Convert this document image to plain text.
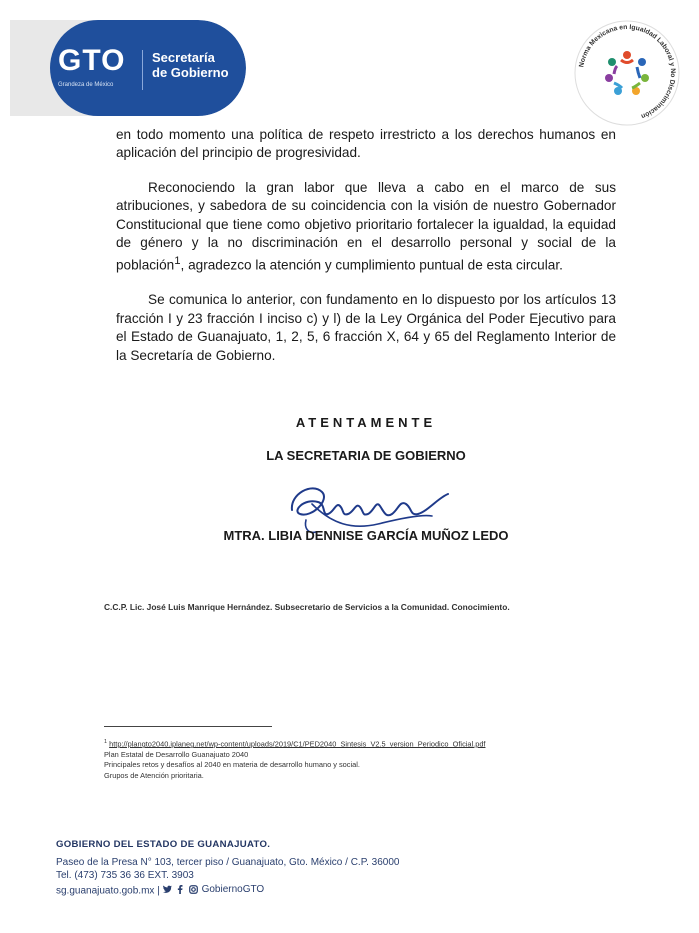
GTO
Grandeza de México
Secretaría
de Gobierno
Norma Mexicana en Igualdad Laboral y No Discriminación

en todo momento una política de respeto irrestricto a los derechos humanos en aplicación del principio de progresividad.

Reconociendo la gran labor que lleva a cabo en el marco de sus atribuciones, y sabedora de su coincidencia con la visión de nuestro Gobernador Constitucional que tiene como objetivo prioritario fortalecer la igualdad, la equidad de género y la no discriminación en el desarrollo personal y social de la población$^1$, agradezco la atención y cumplimiento puntual de esta circular.

Se comunica lo anterior, con fundamento en lo dispuesto por los artículos 13 fracción I y 23 fracción I inciso c) y l) de la Ley Orgánica del Poder Ejecutivo para el Estado de Guanajuato, 1, 2, 5, 6 fracción X, 64 y 65 del Reglamento Interior de la Secretaría de Gobierno.

ATENTAMENTE
LA SECRETARIA DE GOBIERNO
MTRA. LIBIA DENNISE GARCÍA MUÑOZ LEDO
C.C.P. Lic. José Luis Manrique Hernández. Subsecretario de Servicios a la Comunidad. Conocimiento.
$^1$ http://plangto2040.iplaneg.net/wp-content/uploads/2019/C1/PED2040_Sintesis_V2.5_version_Periodico_Oficial.pdf
Plan Estatal de Desarrollo Guanajuato 2040
Principales retos y desafíos al 2040 en materia de desarrollo humano y social.
Grupos de Atención prioritaria.
GOBIERNO DEL ESTADO DE GUANAJUATO.
Paseo de la Presa N° 103, tercer piso / Guanajuato, Gto. México / C.P. 36000
Tel. (473) 735 36 36 EXT. 3903
sg.guanajuato.gob.mx |	GobiernoGTO
